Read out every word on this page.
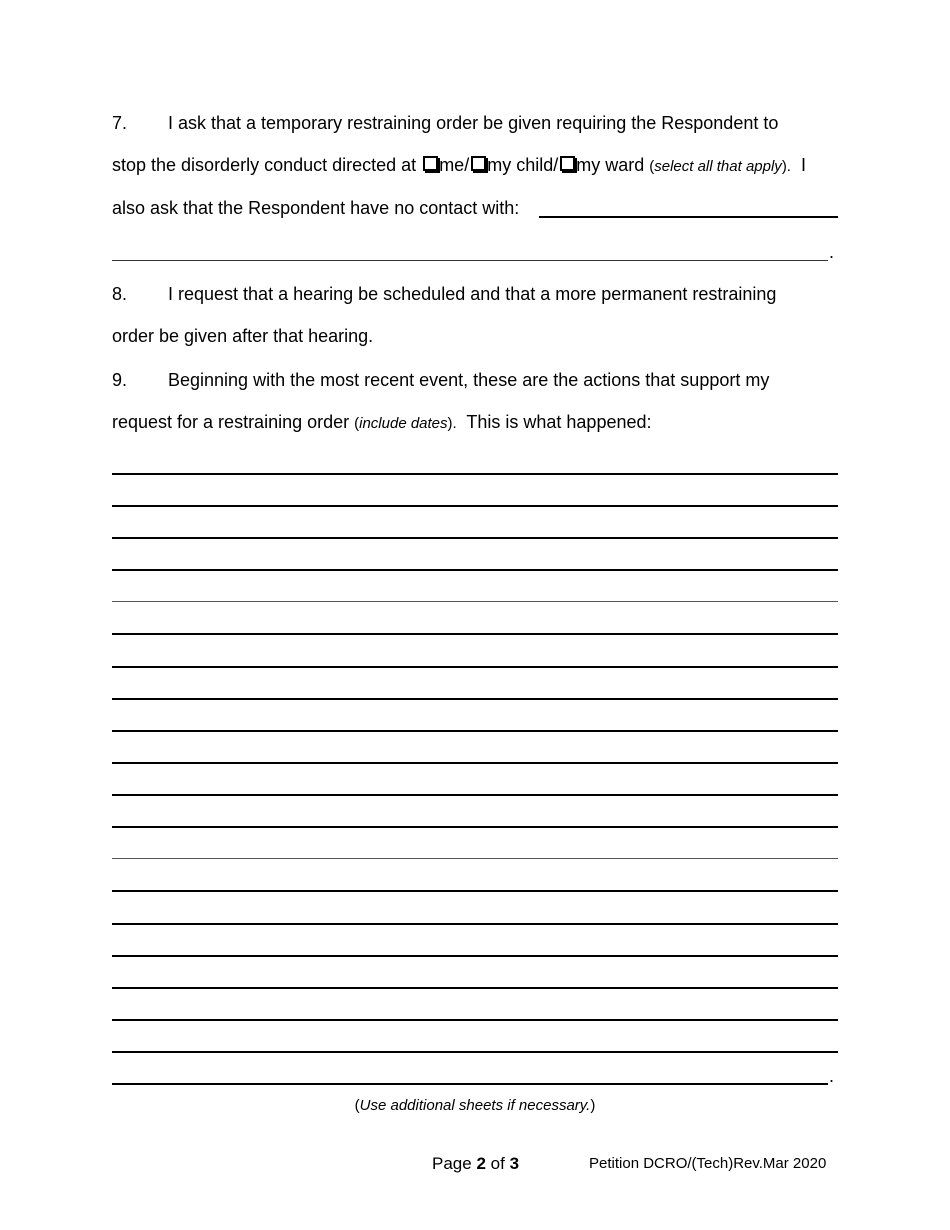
7. I ask that a temporary restraining order be given requiring the Respondent to
stop the disorderly conduct directed at me/ my child/ my ward (select all that apply).  I
also ask that the Respondent have no contact with:
.
8. I request that a hearing be scheduled and that a more permanent restraining
order be given after that hearing.
9. Beginning with the most recent event, these are the actions that support my
request for a restraining order (include dates).  This is what happened:
.
(Use additional sheets if necessary.)
Page 2 of 3	Petition DCRO/(Tech)Rev.Mar 2020
